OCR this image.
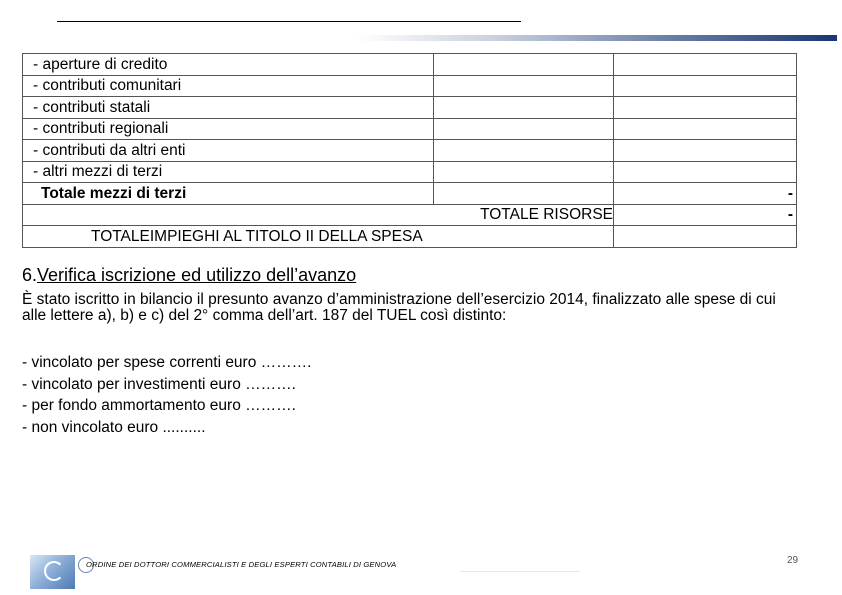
- aperture di credito		
- contributi comunitari		
- contributi statali		
- contributi regionali		
- contributi da altri enti		
- altri mezzi di terzi		
Totale mezzi di terzi		-
TOTALE RISORSE		-
TOTALEIMPIEGHI AL TITOLO II DELLA SPESA		
6.Verifica iscrizione ed utilizzo dell’avanzo
È stato iscritto in bilancio il presunto avanzo d’amministrazione dell’esercizio 2014, finalizzato alle spese di cui alle lettere a), b) e c) del 2° comma dell’art. 187 del TUEL così distinto:
- vincolato per spese correnti euro ……….
- vincolato per investimenti euro ……….
- per fondo ammortamento euro ……….
- non vincolato euro ..........
ORDINE DEI DOTTORI COMMERCIALISTI E DEGLI ESPERTI CONTABILI DI GENOVA	29
